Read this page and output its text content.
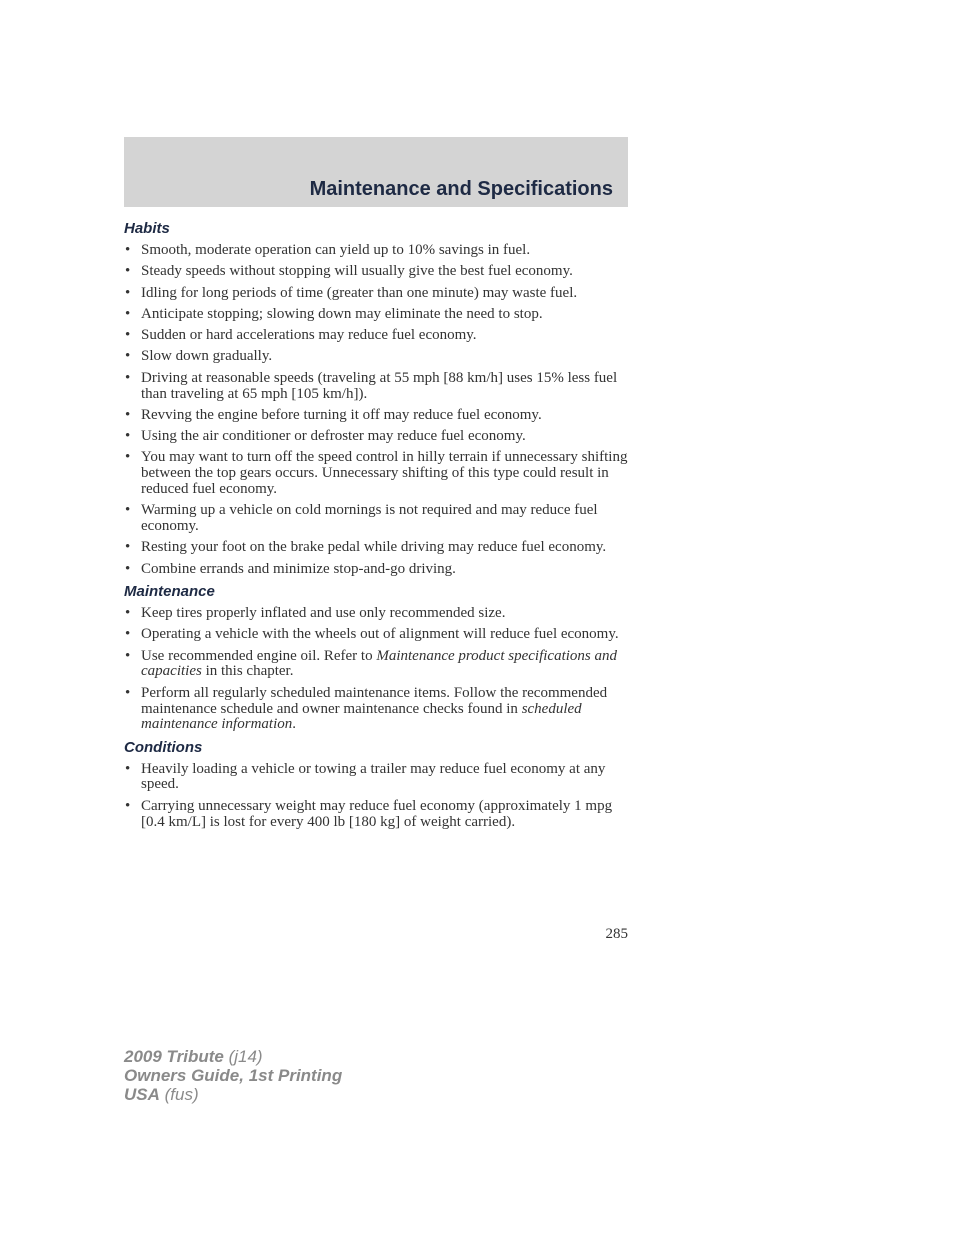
Maintenance and Specifications
Habits
• Smooth, moderate operation can yield up to 10% savings in fuel.
• Steady speeds without stopping will usually give the best fuel economy.
• Idling for long periods of time (greater than one minute) may waste fuel.
• Anticipate stopping; slowing down may eliminate the need to stop.
• Sudden or hard accelerations may reduce fuel economy.
• Slow down gradually.
• Driving at reasonable speeds (traveling at 55 mph [88 km/h] uses 15% less fuel than traveling at 65 mph [105 km/h]).
• Revving the engine before turning it off may reduce fuel economy.
• Using the air conditioner or defroster may reduce fuel economy.
• You may want to turn off the speed control in hilly terrain if unnecessary shifting between the top gears occurs. Unnecessary shifting of this type could result in reduced fuel economy.
• Warming up a vehicle on cold mornings is not required and may reduce fuel economy.
• Resting your foot on the brake pedal while driving may reduce fuel economy.
• Combine errands and minimize stop-and-go driving.
Maintenance
• Keep tires properly inflated and use only recommended size.
• Operating a vehicle with the wheels out of alignment will reduce fuel economy.
• Use recommended engine oil. Refer to Maintenance product specifications and capacities in this chapter.
• Perform all regularly scheduled maintenance items. Follow the recommended maintenance schedule and owner maintenance checks found in scheduled maintenance information.
Conditions
• Heavily loading a vehicle or towing a trailer may reduce fuel economy at any speed.
• Carrying unnecessary weight may reduce fuel economy (approximately 1 mpg [0.4 km/L] is lost for every 400 lb [180 kg] of weight carried).
285
2009 Tribute (j14)
Owners Guide, 1st Printing
USA (fus)
